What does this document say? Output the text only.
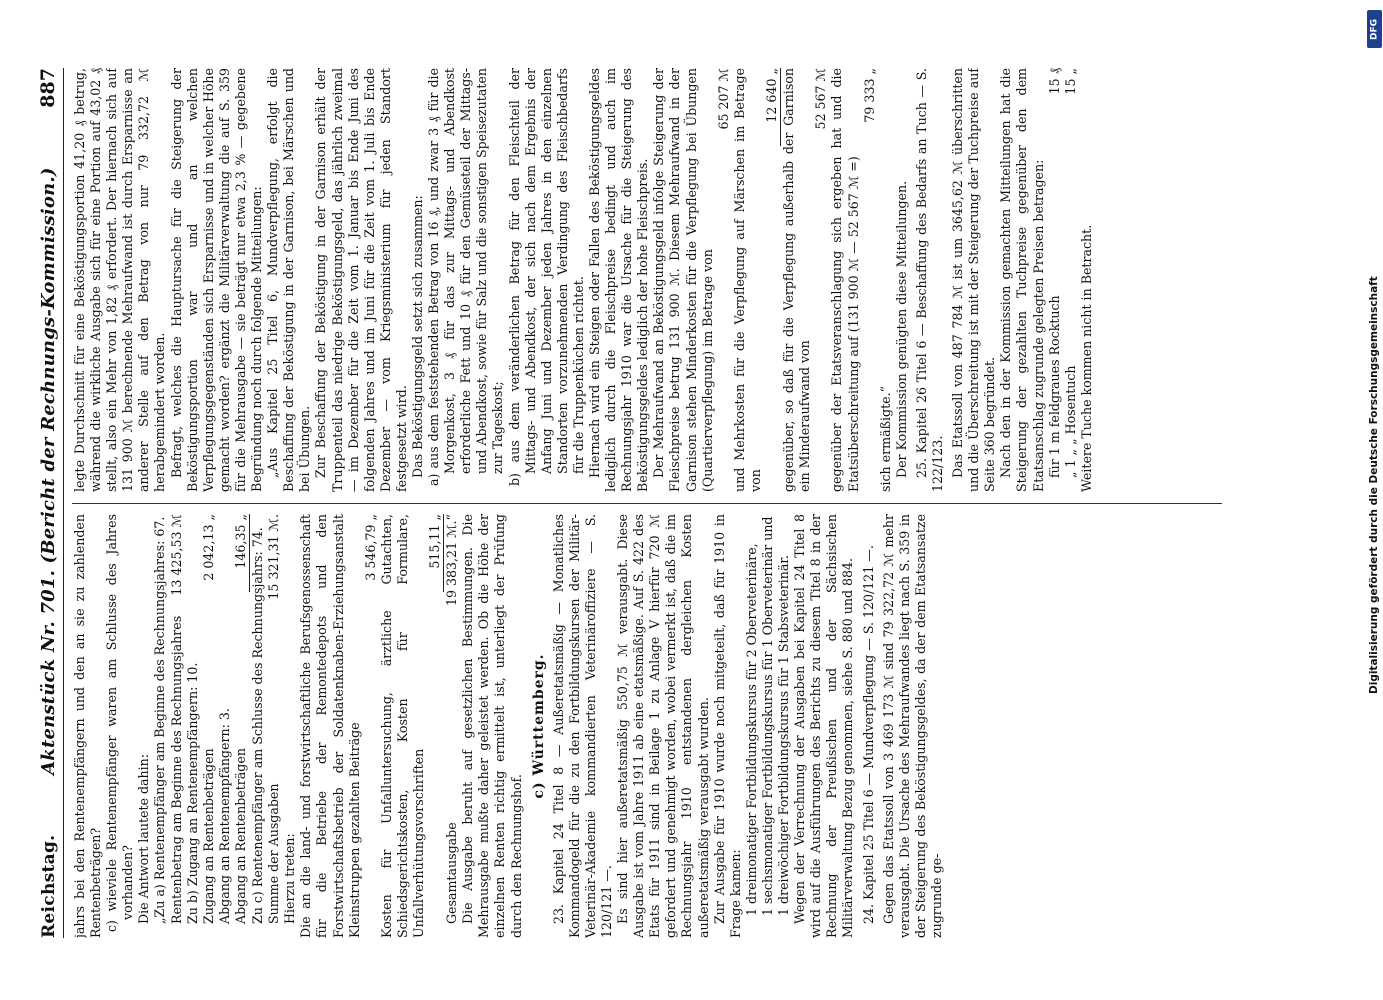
Reichstag.
Aktenstück Nr. 701. (Bericht der Rechnungs-Kommission.)
887

jahrs bei den Rentenempfängern und den an sie zu zahlenden Rentenbeträgen? c) wieviele Rentenempfänger waren am Schlusse des Jahres vorhanden? Die Antwort lautete dahin: „Zu a) Rentenempfänger am Beginne des Rechnungsjahres: 67. Rentenbetrag am Beginne des Rechnungsjahres
13 425,53 ℳ

Zu b) Zugang an Rentenempfängern: 10. Zugang an Rentenbeträgen
2 042,13 „

Abgang an Rentenempfängern: 3. Abgang an Rentenbeträgen
146,35 „ Zu c) Rentenempfänger am Schlusse des Rechnungsjahrs: 74. Summe der Ausgaben
15 321,31 ℳ.

Hierzu treten: Die an die land- und forstwirtschaftliche Berufsgenossenschaft für die Betriebe der Remontedepots und den Forstwirtschaftsbetrieb der Soldatenknaben-Erziehungsanstalt Kleinstruppen gezahlten Beiträge

3 546,79 „ Kosten für Unfalluntersuchung, ärztliche Gutachten, Schiedsgerichtskosten, Kosten für Formulare, Unfallverhütungsvorschriften

515,11 „
Gesamtausgabe
19 383,21 ℳ.“ Die Ausgabe beruht auf gesetzlichen Bestimmungen. Die Mehrausgabe mußte daher geleistet werden. Ob die Höhe der einzelnen Renten richtig ermittelt ist, unterliegt der Prüfung durch den Rechnungshof.

c) Württemberg. 23. Kapitel 24 Titel 8 — Außeretatsmäßig — Monatliches Kommandogeld für die zu den Fortbildungskursen der Militär-Veterinär-Akademie kommandierten Veterinäroffiziere — S. 120/121 —. Es sind hier außeretatsmäßig 550,75 ℳ verausgabt. Diese Ausgabe ist vom Jahre 1911 ab eine etatsmäßige. Auf S. 422 des Etats für 1911 sind in Beilage 1 zu Anlage V hierfür 720 ℳ gefordert und genehmigt worden, wobei vermerkt ist, daß die im Rechnungsjahr 1910 entstandenen dergleichen Kosten außeretatsmäßig verausgabt wurden. Zur Ausgabe für 1910 wurde noch mitgeteilt, daß für 1910 in Frage kamen: 1 dreimonatiger Fortbildungskursus für 2 Oberveterinäre, 1 sechsmonatiger Fortbildungskursus für 1 Oberveterinär und 1 dreiwöchiger Fortbildungskursus für 1 Stabsveterinär. Wegen der Verrechnung der Ausgaben bei Kapitel 24 Titel 8 wird auf die Ausführungen des Berichts zu diesem Titel 8 in der Rechnung der Preußischen und der Sächsischen Militärverwaltung Bezug genommen, siehe S. 880 und 884. 24. Kapitel 25 Titel 6 — Mundverpflegung — S. 120/121 —. Gegen das Etatssoll von 3 469 173 ℳ sind 79 322,72 ℳ mehr verausgabt. Die Ursache des Mehraufwandes liegt nach S. 359 in der Steigerung des Beköstigungsgeldes, da der dem Etatsansatze zugrunde ge-

legte Durchschnitt für eine Beköstigungsportion 41,20 ₰ betrug, während die wirkliche Ausgabe sich für eine Portion auf 43,02 ₰ stellt, also ein Mehr von 1,82 ₰ erfordert. Der hiernach sich auf 131 900 ℳ berechnende Mehraufwand ist durch Ersparnisse an anderer Stelle auf den Betrag von nur 79 332,72 ℳ herabgemindert worden. Befragt, welches die Hauptursache für die Steigerung der Beköstigungsportion war und an welchen Verpflegungsgegenständen sich Ersparnisse und in welcher Höhe gemacht worden? ergänzt die Militärverwaltung die auf S. 359 für die Mehrausgabe — sie beträgt nur etwa 2,3 % — gegebene Begründung noch durch folgende Mitteilungen: „Aus Kapitel 25 Titel 6, Mundverpflegung, erfolgt die Beschaffung der Beköstigung in der Garnison, bei Märschen und bei Übungen. Zur Beschaffung der Beköstigung in der Garnison erhält der Truppenteil das niedrige Beköstigungsgeld, das jährlich zweimal — im Dezember für die Zeit vom 1. Januar bis Ende Juni des folgenden Jahres und im Juni für die Zeit vom 1. Juli bis Ende Dezember — vom Kriegsministerium für jeden Standort festgesetzt wird. Das Beköstigungsgeld setzt sich zusammen: a) aus dem feststehenden Betrag von 16 ₰, und zwar 3 ₰ für die Morgenkost, 3 ₰ für das zur Mittags- und Abendkost erforderliche Fett und 10 ₰ für den Gemüseteil der Mittags- und Abendkost, sowie für Salz und die sonstigen Speisezutaten zur Tageskost; b) aus dem veränderlichen Betrag für den Fleischteil der Mittags- und Abendkost, der sich nach dem Ergebnis der Anfang Juni und Dezember jeden Jahres in den einzelnen Standorten vorzunehmenden Verdingung des Fleischbedarfs für die Truppenküchen richtet. Hiernach wird ein Steigen oder Fallen des Beköstigungsgeldes lediglich durch die Fleischpreise bedingt und auch im Rechnungsjahr 1910 war die Ursache für die Steigerung des Beköstigungsgeldes lediglich der hohe Fleischpreis. Der Mehraufwand an Beköstigungsgeld infolge Steigerung der Fleischpreise betrug 131 900 ℳ. Diesem Mehraufwand in der Garnison stehen Minderkosten für die Verpflegung bei Übungen (Quartierverpflegung) im Betrage von

65 207 ℳ und Mehrkosten für die Verpflegung auf Märschen im Betrage von

12 640 „ gegenüber, so daß für die Verpflegung außerhalb der Garnison ein Minderaufwand von

52 567 ℳ gegenüber der Etatsveranschlagung sich ergeben hat und die Etatsüberschreitung auf (131 900 ℳ — 52 567 ℳ =)

79 333 „

sich ermäßigte.“ Der Kommission genügten diese Mitteilungen. 25. Kapitel 26 Titel 6 — Beschaffung des Bedarfs an Tuch — S. 122/123. Das Etatssoll von 487 784 ℳ ist um 3645,62 ℳ überschritten und die Überschreitung ist mit der Steigerung der Tuchpreise auf Seite 360 begründet. Nach den in der Kommission gemachten Mitteilungen hat die Steigerung der gezahlten Tuchpreise gegenüber den dem Etatsanschlag zugrunde gelegten Preisen betragen: für 1 m feldgraues Rocktuch
15 ₰
„ 1 „ „ Hosentuch
15 „

Weitere Tuche kommen nicht in Betracht.

DFG
Digitalisierung gefördert durch die Deutsche Forschungsgemeinschaft
